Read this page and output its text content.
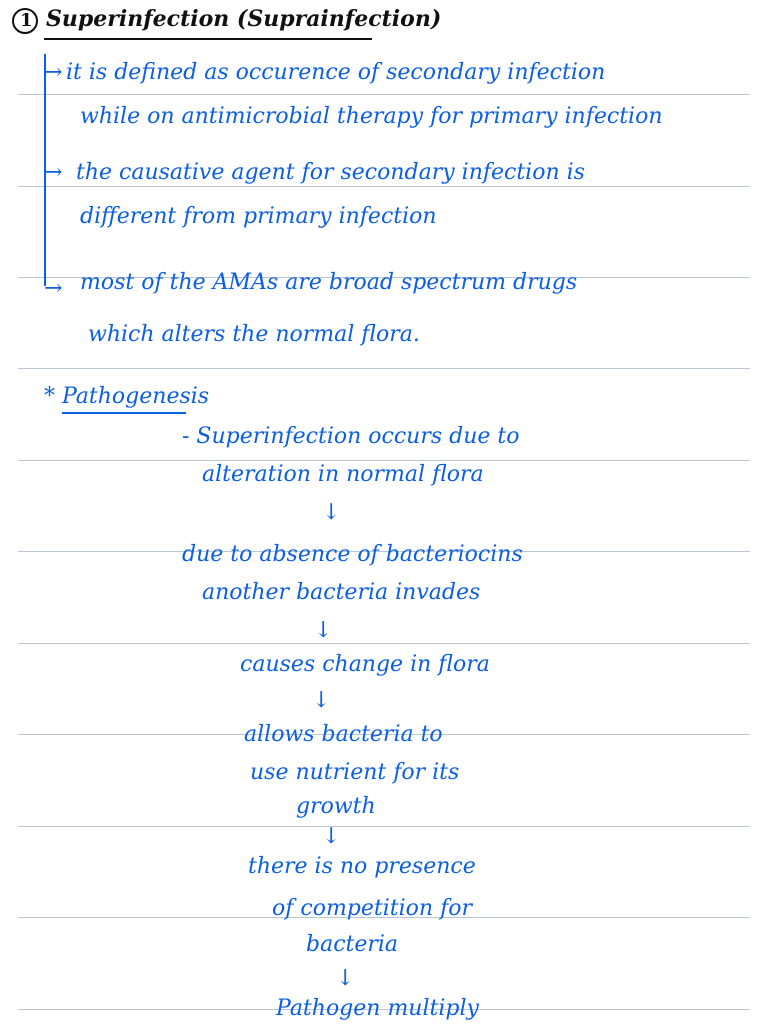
1 Superinfection (Suprainfection)
→ it is defined as occurence of secondary infection
while on antimicrobial therapy for primary infection
→ the causative agent for secondary infection is
different from primary infection
→ most of the AMAs are broad spectrum drugs
which alters the normal flora.
* Pathogenesis
- Superinfection occurs due to
alteration in normal flora
↓
due to absence of bacteriocins
another bacteria invades
↓
causes change in flora
↓
allows bacteria to
use nutrient for its
growth
↓
there is no presence
of competition for
bacteria
↓
Pathogen multiply
